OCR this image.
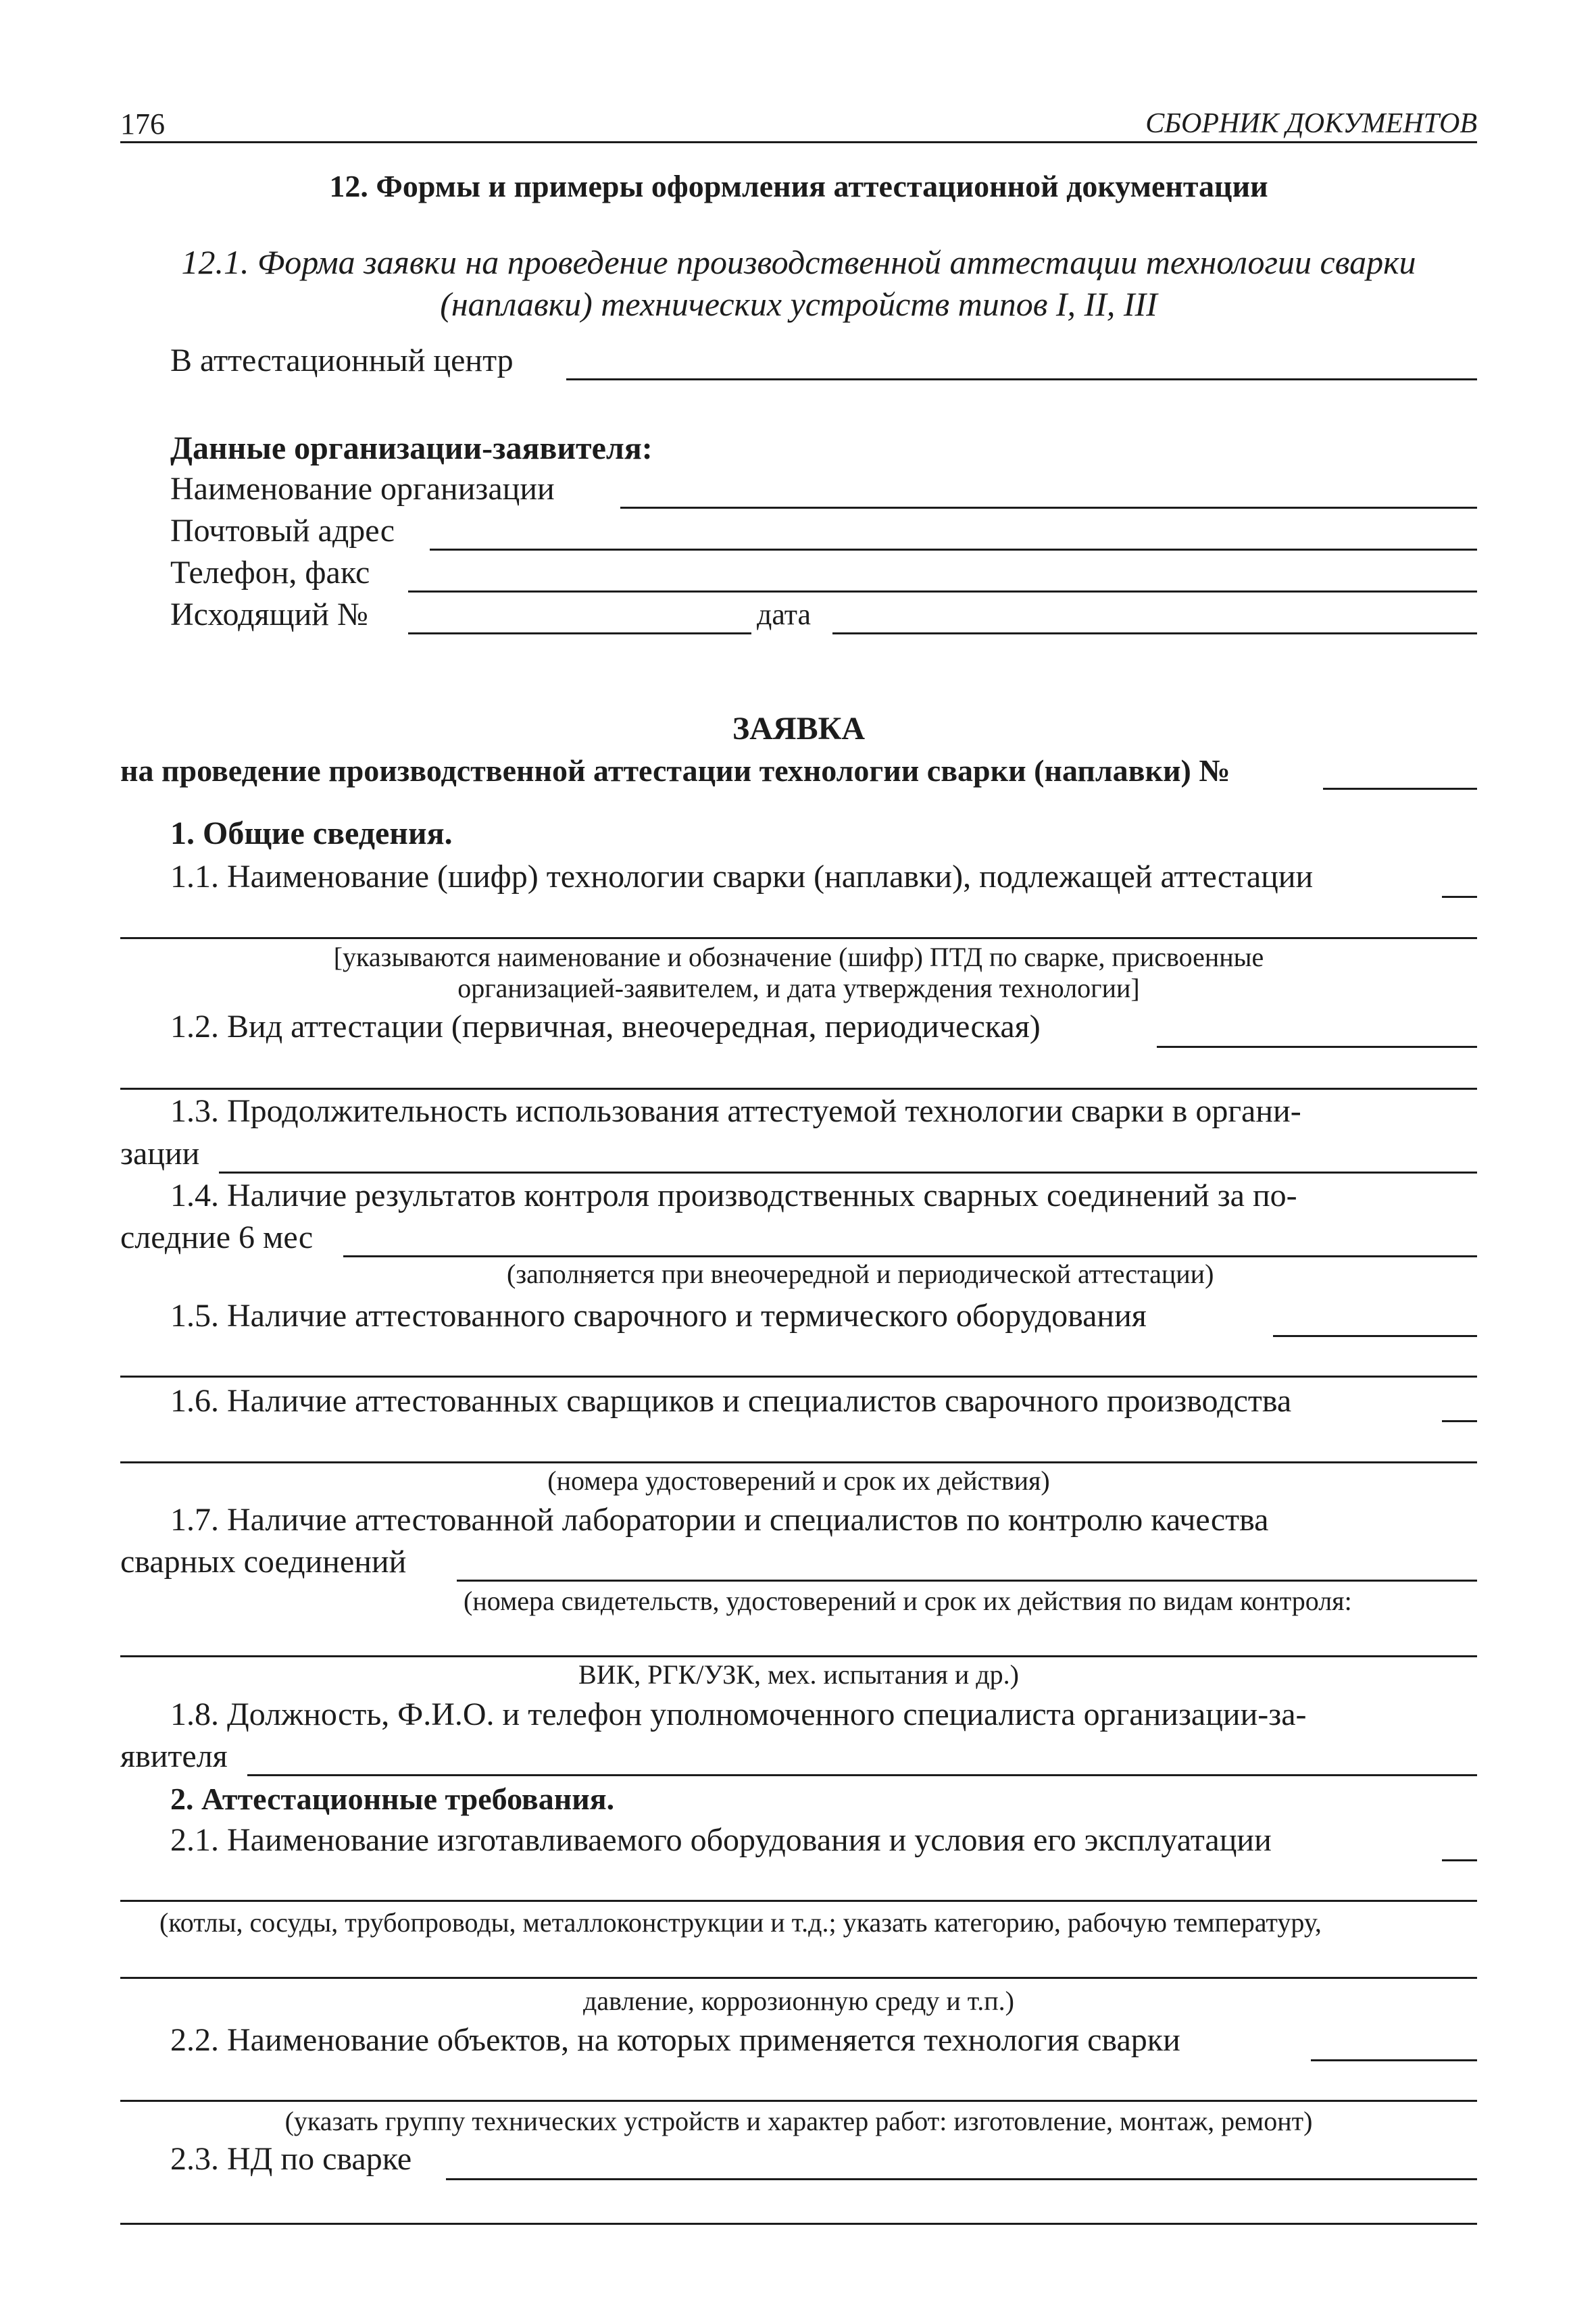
176	СБОРНИК ДОКУМЕНТОВ
12. Формы и примеры оформления аттестационной документации
12.1. Форма заявки на проведение производственной аттестации технологии сварки
(наплавки) технических устройств типов I, II, III
В аттестационный центр
Данные организации-заявителя:
Наименование организации
Почтовый адрес
Телефон, факс
Исходящий №	дата
ЗАЯВКА
на проведение производственной аттестации технологии сварки (наплавки) №
1. Общие сведения.
1.1. Наименование (шифр) технологии сварки (наплавки), подлежащей аттестации
[указываются наименование и обозначение (шифр) ПТД по сварке, присвоенные
организацией-заявителем, и дата утверждения технологии]
1.2. Вид аттестации (первичная, внеочередная, периодическая)
1.3. Продолжительность использования аттестуемой технологии сварки в органи-
зации
1.4. Наличие результатов контроля производственных сварных соединений за по-
следние 6 мес
(заполняется при внеочередной и периодической аттестации)
1.5. Наличие аттестованного сварочного и термического оборудования
1.6. Наличие аттестованных сварщиков и специалистов сварочного производства
(номера удостоверений и срок их действия)
1.7. Наличие аттестованной лаборатории и специалистов по контролю качества
сварных соединений
(номера свидетельств, удостоверений и срок их действия по видам контроля:
ВИК, РГК/УЗК, мех. испытания и др.)
1.8. Должность, Ф.И.О. и телефон уполномоченного специалиста организации-за-
явителя
2. Аттестационные требования.
2.1. Наименование изготавливаемого оборудования и условия его эксплуатации
(котлы, сосуды, трубопроводы, металлоконструкции и т.д.; указать категорию, рабочую температуру,
давление, коррозионную среду и т.п.)
2.2. Наименование объектов, на которых применяется технология сварки
(указать группу технических устройств и характер работ: изготовление, монтаж, ремонт)
2.3. НД по сварке
